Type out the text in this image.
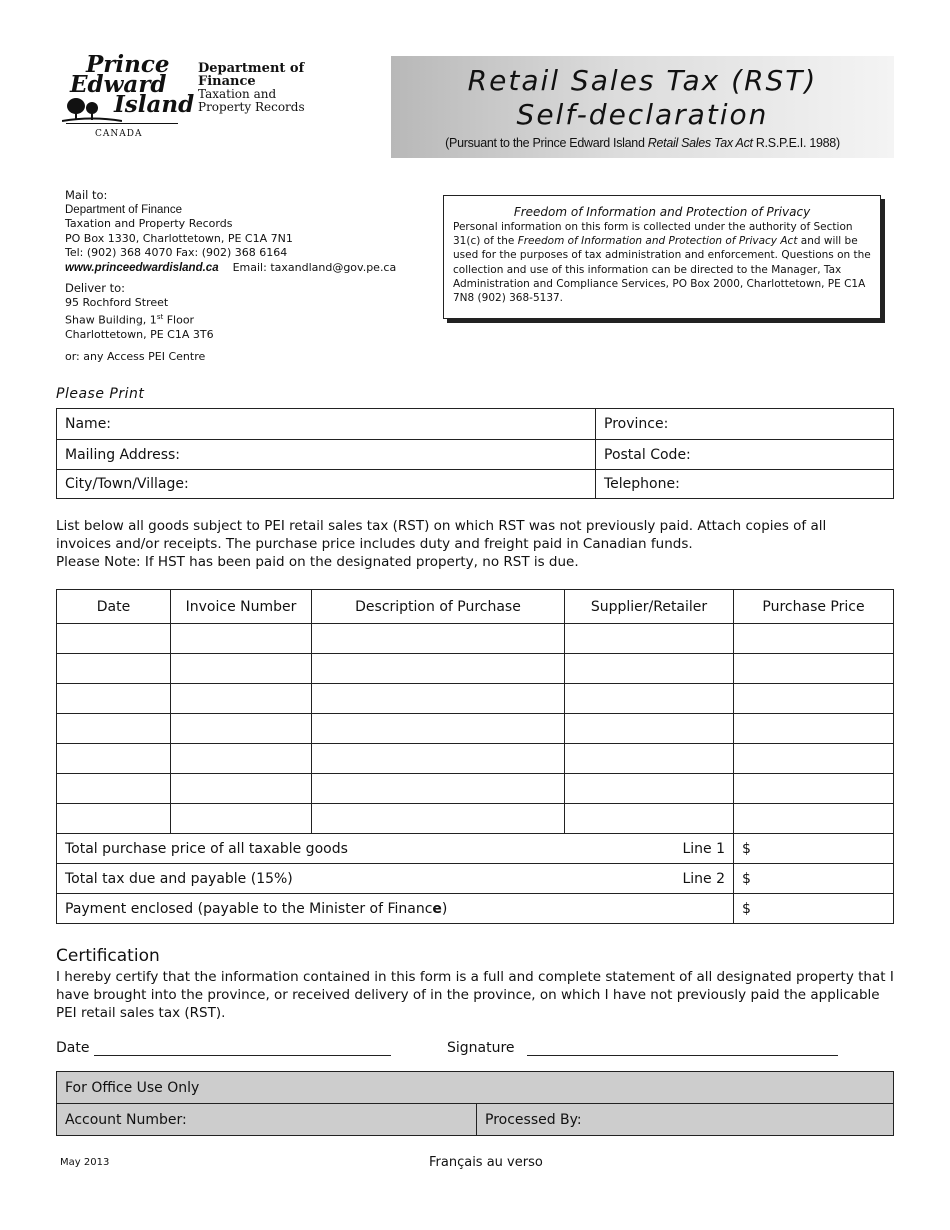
Prince
Edward
Island
CANADA
Department of
Finance
Taxation and
Property Records
Retail Sales Tax (RST)
Self-declaration
(Pursuant to the Prince Edward Island Retail Sales Tax Act R.S.P.E.I. 1988)
Mail to:
Department of Finance
Taxation and Property Records
PO Box 1330, Charlottetown, PE C1A 7N1
Tel: (902) 368 4070 Fax: (902) 368 6164
www.princeedwardisland.ca Email: taxandland@gov.pe.ca
Deliver to:
95 Rochford Street
Shaw Building, 1st Floor
Charlottetown, PE C1A 3T6
or: any Access PEI Centre
Freedom of Information and Protection of Privacy
Personal information on this form is collected under the authority of Section 31(c) of the Freedom of Information and Protection of Privacy Act and will be used for the purposes of tax administration and enforcement. Questions on the collection and use of this information can be directed to the Manager, Tax Administration and Compliance Services, PO Box 2000, Charlottetown, PE C1A 7N8 (902) 368-5137.
Please Print
Name:	Province:
Mailing Address:	Postal Code:
City/Town/Village:	Telephone:
List below all goods subject to PEI retail sales tax (RST) on which RST was not previously paid. Attach copies of all
invoices and/or receipts. The purchase price includes duty and freight paid in Canadian funds.
Please Note: If HST has been paid on the designated property, no RST is due.
Date	Invoice Number	Description of Purchase	Supplier/Retailer	Purchase Price

Total purchase price of all taxable goods Line 1				$
Total tax due and payable (15%) Line 2				$
Payment enclosed (payable to the Minister of Finance)				$
Certification
I hereby certify that the information contained in this form is a full and complete statement of all designated property that I
have brought into the province, or received delivery of in the province, on which I have not previously paid the applicable
PEI retail sales tax (RST).
Date	Signature
For Office Use Only
Account Number:	Processed By:
May 2013	Français au verso
